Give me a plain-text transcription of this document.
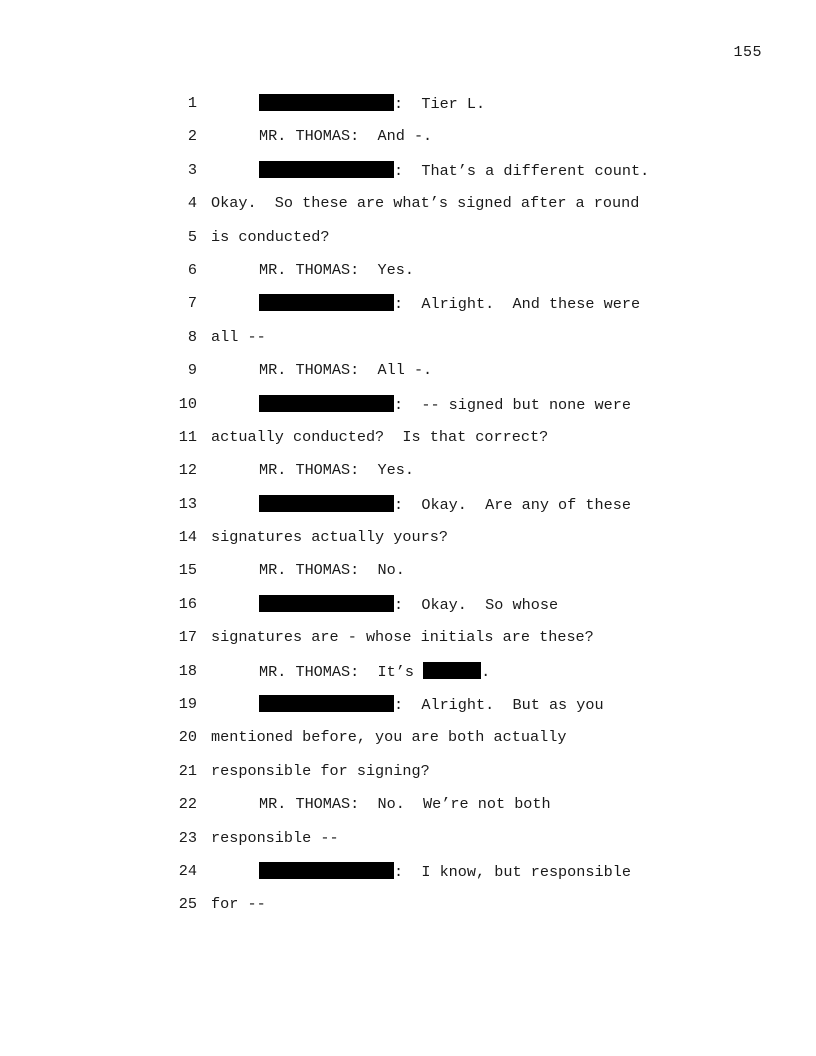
155
1	:  Tier L.
2	MR. THOMAS:  And -.
3	:  That’s a different count.
4 Okay.  So these are what’s signed after a round
5 is conducted?
6	MR. THOMAS:  Yes.
7	:  Alright.  And these were
8 all --
9	MR. THOMAS:  All -.
10	:  -- signed but none were
11 actually conducted?  Is that correct?
12	MR. THOMAS:  Yes.
13	:  Okay.  Are any of these
14 signatures actually yours?
15	MR. THOMAS:  No.
16	:  Okay.  So whose
17 signatures are - whose initials are these?
18	MR. THOMAS:  It’s	.
19	:  Alright.  But as you
20 mentioned before, you are both actually
21 responsible for signing?
22	MR. THOMAS:  No.  We’re not both
23 responsible --
24	:  I know, but responsible
25 for --
